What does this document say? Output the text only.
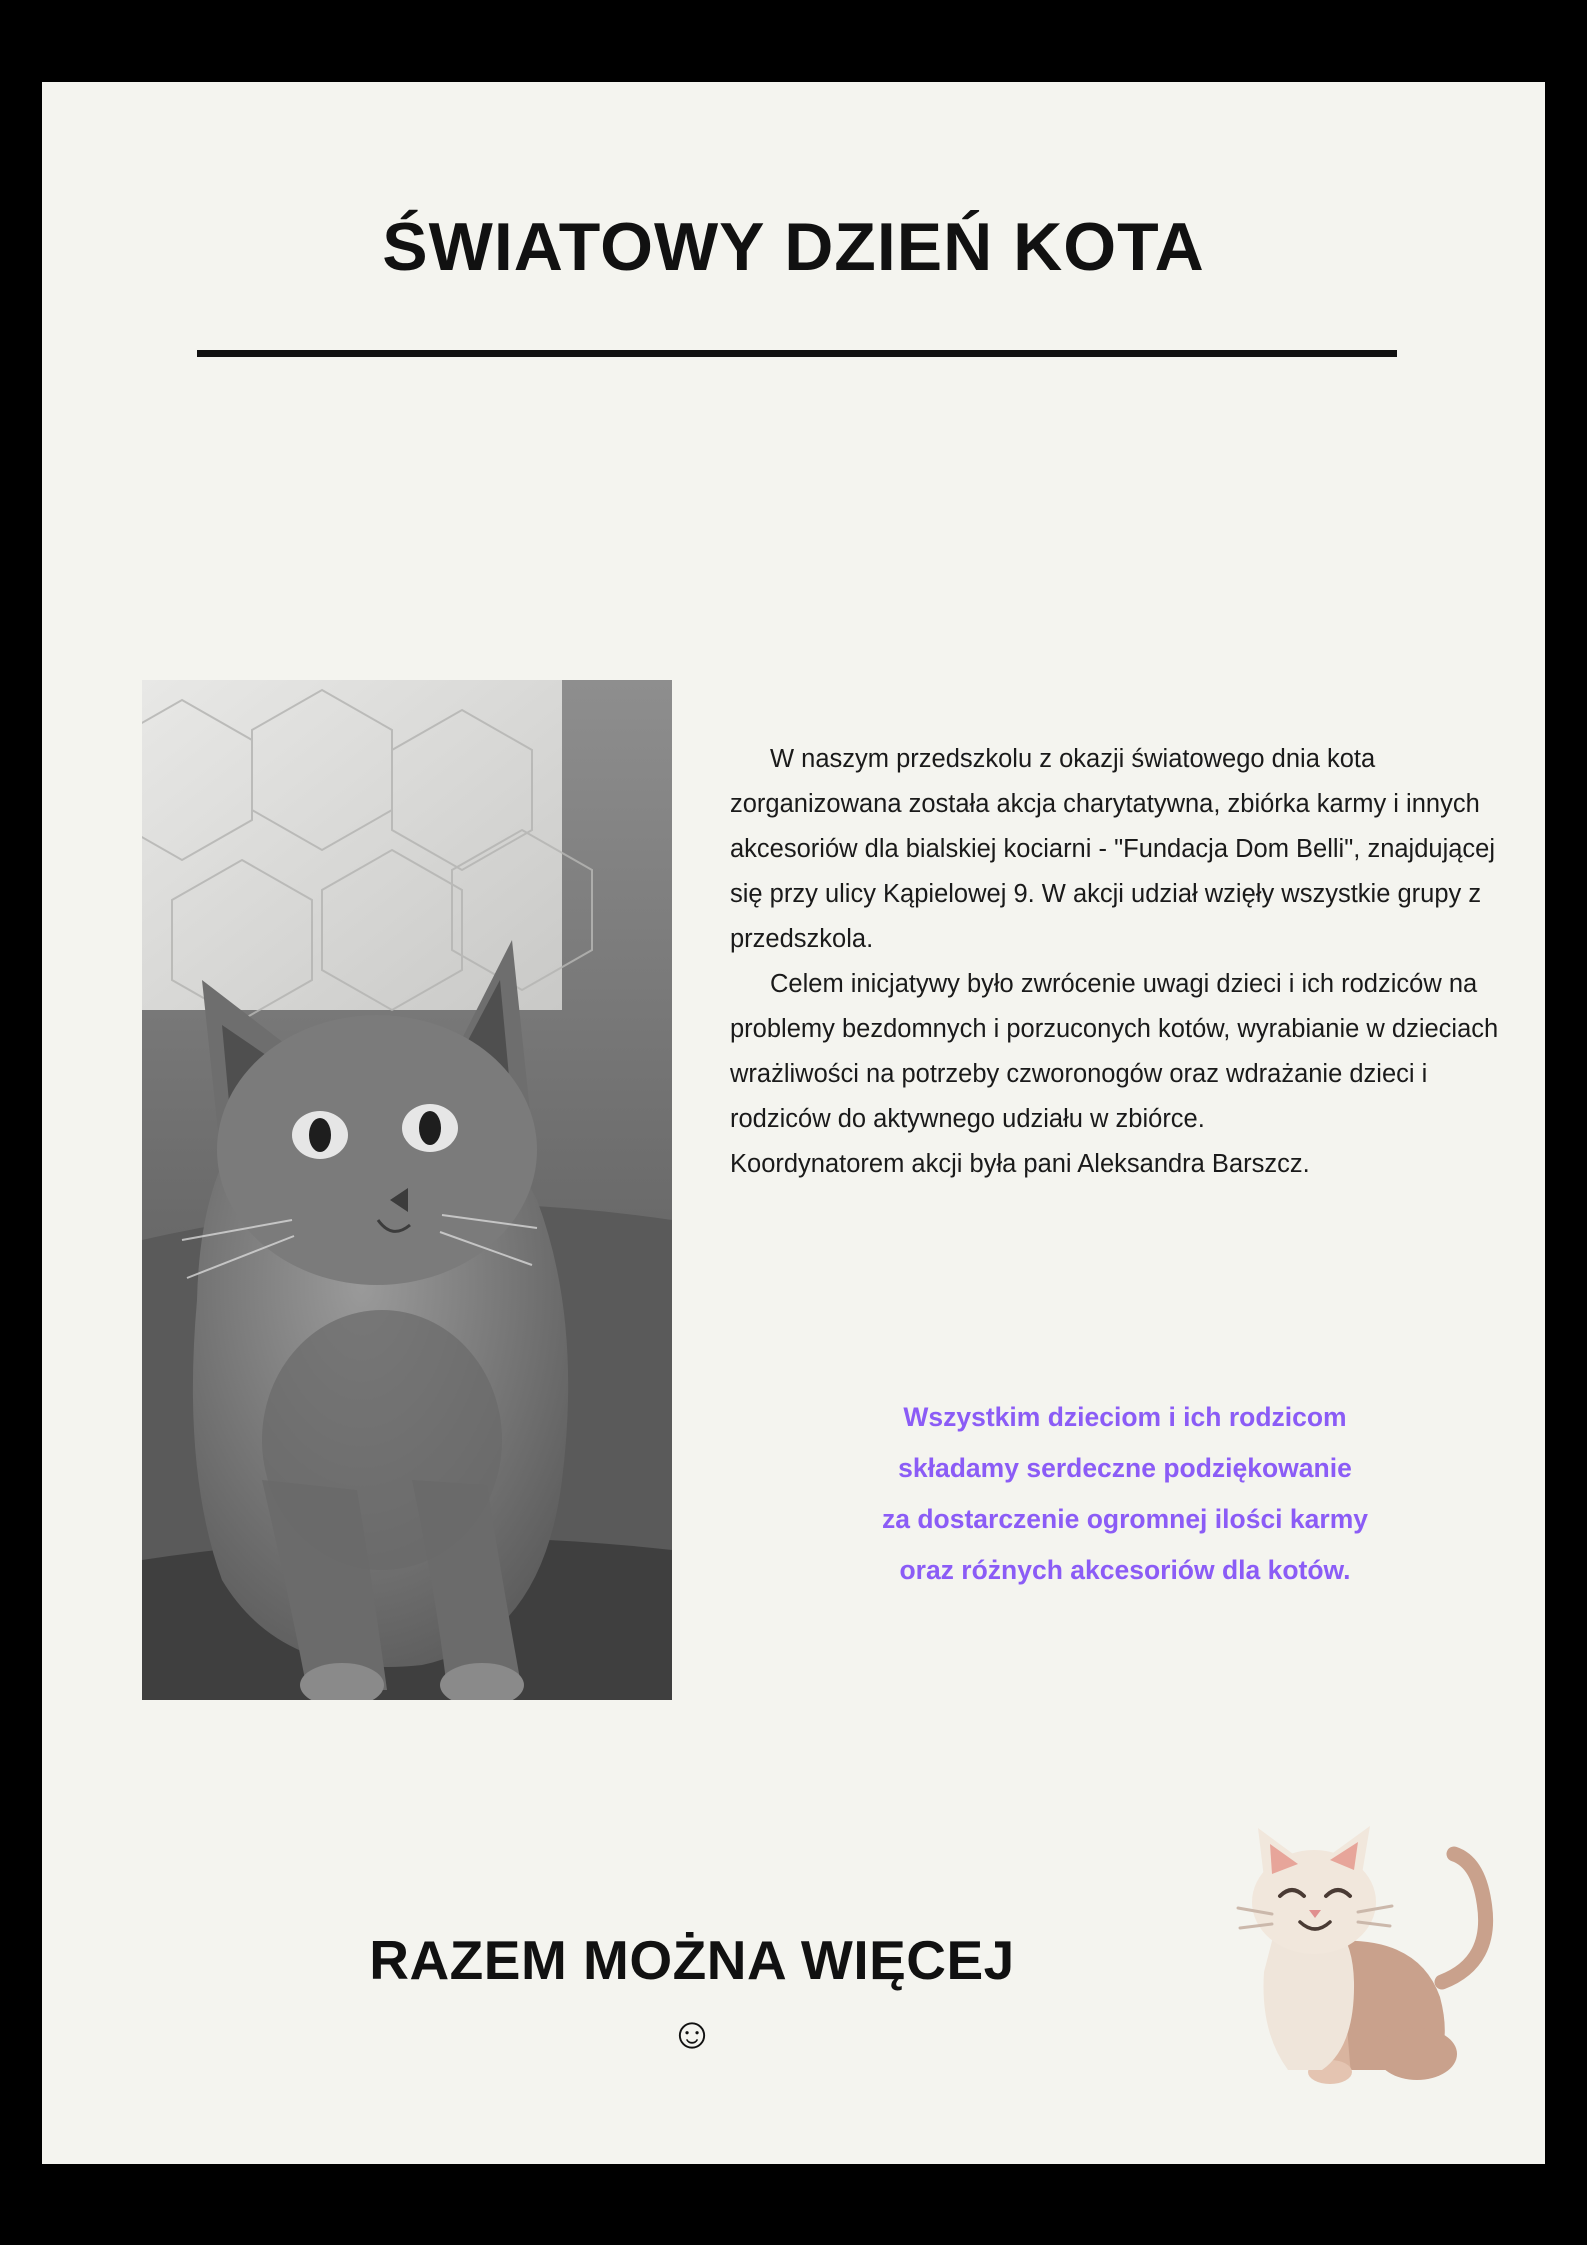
ŚWIATOWY DZIEŃ KOTA

W naszym przedszkolu z okazji światowego dnia kota zorganizowana została akcja charytatywna, zbiórka karmy i innych akcesoriów dla bialskiej kociarni - "Fundacja Dom Belli", znajdującej się przy ulicy Kąpielowej 9. W akcji udział wzięły wszystkie grupy z przedszkola.

Celem inicjatywy było zwrócenie uwagi dzieci i ich rodziców na problemy bezdomnych i porzuconych kotów, wyrabianie w dzieciach wrażliwości na potrzeby czworonogów oraz wdrażanie dzieci i rodziców do aktywnego udziału w zbiórce.

Koordynatorem akcji była pani Aleksandra Barszcz.

Wszystkim dzieciom i ich rodzicom

składamy serdeczne podziękowanie

za dostarczenie ogromnej ilości karmy

oraz różnych akcesoriów dla kotów.

RAZEM MOŻNA WIĘCEJ
☺
